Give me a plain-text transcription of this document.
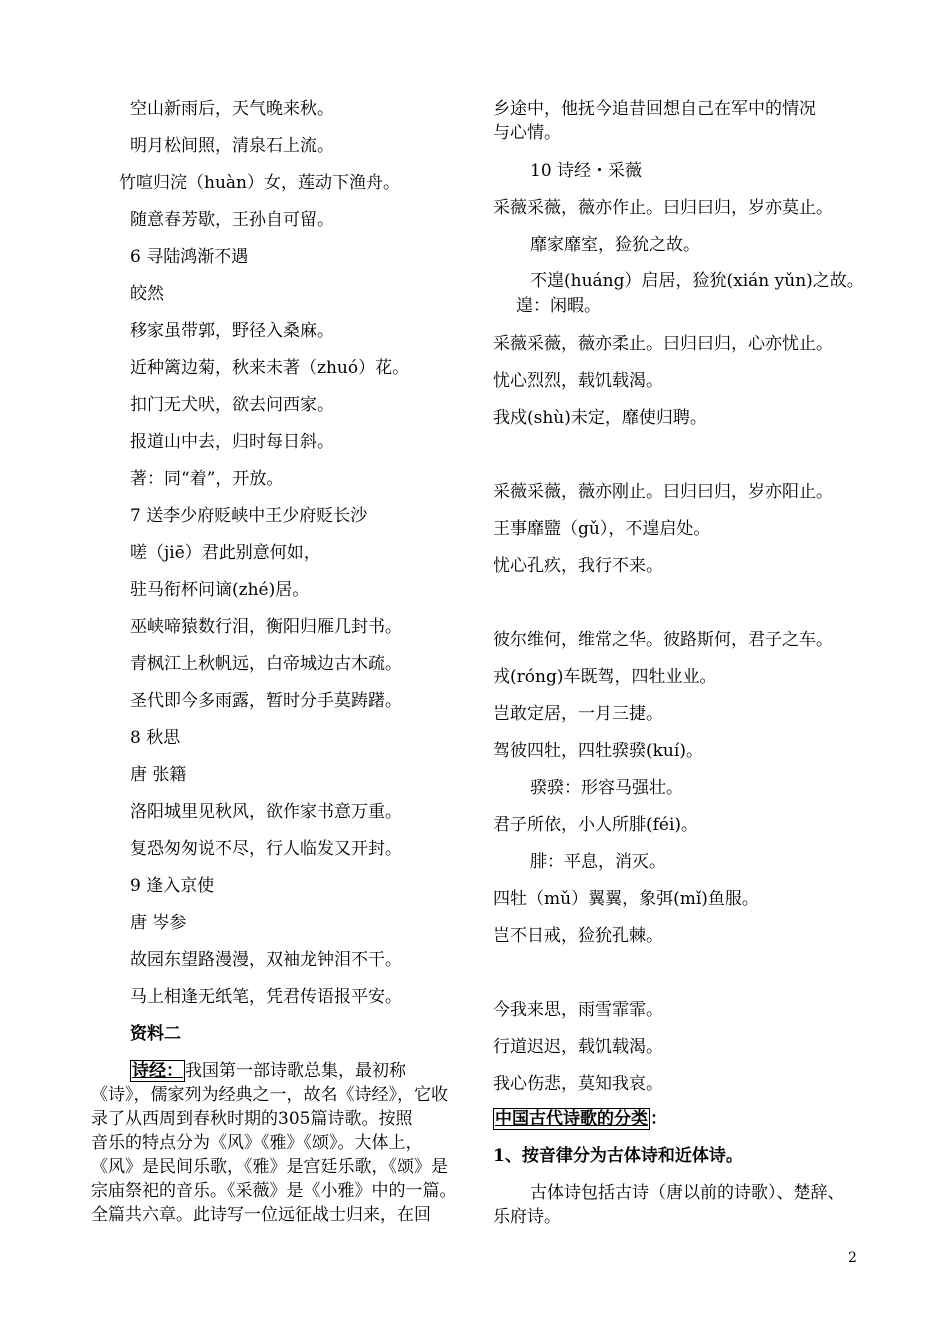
空山新雨后，天气晚来秋。
明月松间照，清泉石上流。
竹喧归浣（huàn）女，莲动下渔舟。
随意春芳歇，王孙自可留。
6 寻陆鸿渐不遇
皎然
移家虽带郭，野径入桑麻。
近种篱边菊，秋来未著（zhuó）花。
扣门无犬吠，欲去问西家。
报道山中去，归时每日斜。
著：同“着”，开放。
7 送李少府贬峡中王少府贬长沙
嗟（jiē）君此别意何如，
驻马衔杯问谪(zhé)居。
巫峡啼猿数行泪，衡阳归雁几封书。
青枫江上秋帆远，白帝城边古木疏。
圣代即今多雨露，暂时分手莫踌躇。
8 秋思
唐 张籍
洛阳城里见秋风，欲作家书意万重。
复恐匆匆说不尽，行人临发又开封。
9 逢入京使
唐 岑参
故园东望路漫漫，双袖龙钟泪不干。
马上相逢无纸笔，凭君传语报平安。
资料二
诗经： 我国第一部诗歌总集，最初称
《诗》，儒家列为经典之一，故名《诗经》，它收
录了从西周到春秋时期的305篇诗歌。按照
音乐的特点分为《风》《雅》《颂》。大体上，
《风》是民间乐歌，《雅》是宫廷乐歌，《颂》是
宗庙祭祀的音乐。《采薇》是《小雅》中的一篇。
全篇共六章。此诗写一位远征战士归来，在回
乡途中，他抚今追昔回想自己在军中的情况
与心情。
10 诗经・采薇
采薇采薇，薇亦作止。曰归曰归，岁亦莫止。
靡家靡室，猃狁之故。
不遑(huáng）启居，猃狁(xián yǔn)之故。
遑：闲暇。
采薇采薇，薇亦柔止。曰归曰归，心亦忧止。
忧心烈烈，载饥载渴。
我戍(shù)未定，靡使归聘。
采薇采薇，薇亦刚止。曰归曰归，岁亦阳止。
王事靡盬（gǔ），不遑启处。
忧心孔疚，我行不来。
彼尔维何，维常之华。彼路斯何，君子之车。
戎(róng)车既驾，四牡业业。
岂敢定居，一月三捷。
驾彼四牡，四牡骙骙(kuí)。
骙骙：形容马强壮。
君子所依，小人所腓(féi)。
腓：平息，消灭。
四牡（mǔ）翼翼，象弭(mǐ)鱼服。
岂不日戒，猃狁孔棘。
今我来思，雨雪霏霏。
行道迟迟，载饥载渴。
我心伤悲，莫知我哀。
中国古代诗歌的分类 ：
1、按音律分为古体诗和近体诗。
古体诗包括古诗（唐以前的诗歌）、楚辞、
乐府诗。
2
